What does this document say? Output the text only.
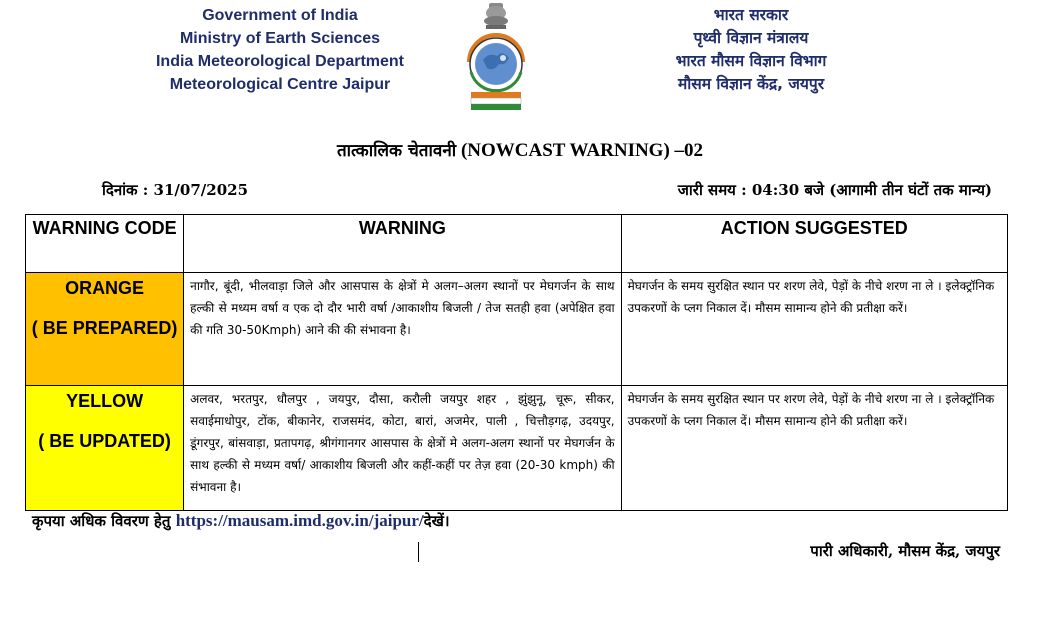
Government of India
Ministry of Earth Sciences
India Meteorological Department
Meteorological Centre Jaipur
भारत सरकार
पृथ्वी विज्ञान मंत्रालय
भारत मौसम विज्ञान विभाग
मौसम विज्ञान केंद्र, जयपुर
तात्कालिक चेतावनी (NOWCAST WARNING) –02
दिनांक : 31/07/2025	जारी समय : 04:30 बजे (आगामी तीन घंटों तक मान्य)
WARNING CODE	WARNING	ACTION SUGGESTED

ORANGE
( BE PREPARED)	नागौर, बूंदी, भीलवाड़ा जिले और आसपास के क्षेत्रों मे अलग–अलग स्थानों पर मेघगर्जन के साथ हल्की से मध्यम वर्षा व एक दो दौर भारी वर्षा /आकाशीय बिजली / तेज सतही हवा (अपेक्षित हवा की गति 30-50Kmph) आने की की संभावना है।	मेघगर्जन के समय सुरक्षित स्थान पर शरण लेवे, पेड़ों के नीचे शरण ना ले । इलेक्ट्रॉनिक उपकरणों के प्लग निकाल दें। मौसम सामान्य होने की प्रतीक्षा करें।

YELLOW
( BE UPDATED)	अलवर, भरतपुर, धौलपुर , जयपुर, दौसा, करौली जयपुर शहर , झुंझुनू, चूरू, सीकर, सवाईमाधोपुर, टोंक, बीकानेर, राजसमंद, कोटा, बारां, अजमेर, पाली , चित्तौड़गढ़, उदयपुर, डूंगरपुर, बांसवाड़ा, प्रतापगढ़, श्रीगंगानगर आसपास के क्षेत्रों मे अलग-अलग स्थानों पर मेघगर्जन के साथ हल्की से मध्यम वर्षा/ आकाशीय बिजली और कहीं-कहीं पर तेज़ हवा (20-30 kmph) की संभावना है।	मेघगर्जन के समय सुरक्षित स्थान पर शरण लेवे, पेड़ों के नीचे शरण ना ले । इलेक्ट्रॉनिक उपकरणों के प्लग निकाल दें। मौसम सामान्य होने की प्रतीक्षा करें।
कृपया अधिक विवरण हेतु https://mausam.imd.gov.in/jaipur/देखें।
पारी अधिकारी, मौसम केंद्र, जयपुर
